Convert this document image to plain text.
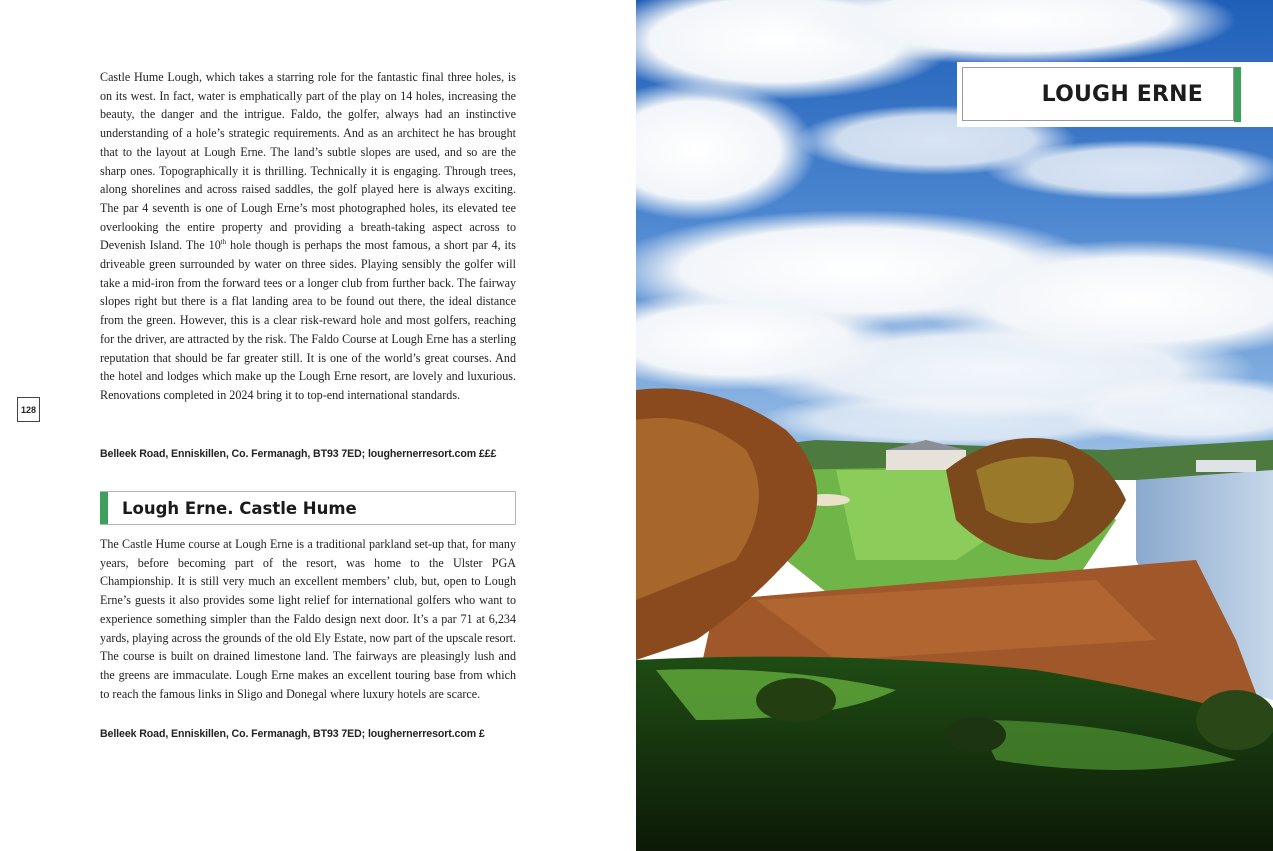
Castle Hume Lough, which takes a starring role for the fantastic final three holes, is on its west. In fact, water is emphatically part of the play on 14 holes, increasing the beauty, the danger and the intrigue. Faldo, the golfer, always had an instinctive understanding of a hole’s strategic requirements. And as an architect he has brought that to the layout at Lough Erne. The land’s subtle slopes are used, and so are the sharp ones. Topographically it is thrilling. Technically it is engaging. Through trees, along shorelines and across raised saddles, the golf played here is always exciting. The par 4 seventh is one of Lough Erne’s most photographed holes, its elevated tee overlooking the entire property and providing a breath-taking aspect across to Devenish Island. The 10th hole though is perhaps the most famous, a short par 4, its driveable green surrounded by water on three sides. Playing sensibly the golfer will take a mid-iron from the forward tees or a longer club from further back. The fairway slopes right but there is a flat landing area to be found out there, the ideal distance from the green. However, this is a clear risk-reward hole and most golfers, reaching for the driver, are attracted by the risk. The Faldo Course at Lough Erne has a sterling reputation that should be far greater still. It is one of the world’s great courses. And the hotel and lodges which make up the Lough Erne resort, are lovely and luxurious. Renovations completed in 2024 bring it to top-end international standards.

Belleek Road, Enniskillen, Co. Fermanagh, BT93 7ED; loughernerresort.com £££

128
Lough Erne. Castle Hume

The Castle Hume course at Lough Erne is a traditional parkland set-up that, for many years, before becoming part of the resort, was home to the Ulster PGA Championship. It is still very much an excellent members’ club, but, open to Lough Erne’s guests it also provides some light relief for international golfers who want to experience something simpler than the Faldo design next door. It’s a par 71 at 6,234 yards, playing across the grounds of the old Ely Estate, now part of the upscale resort. The course is built on drained limestone land. The fairways are pleasingly lush and the greens are immaculate. Lough Erne makes an excellent touring base from which to reach the famous links in Sligo and Donegal where luxury hotels are scarce.

Belleek Road, Enniskillen, Co. Fermanagh, BT93 7ED; loughernerresort.com £

LOUGH ERNE
